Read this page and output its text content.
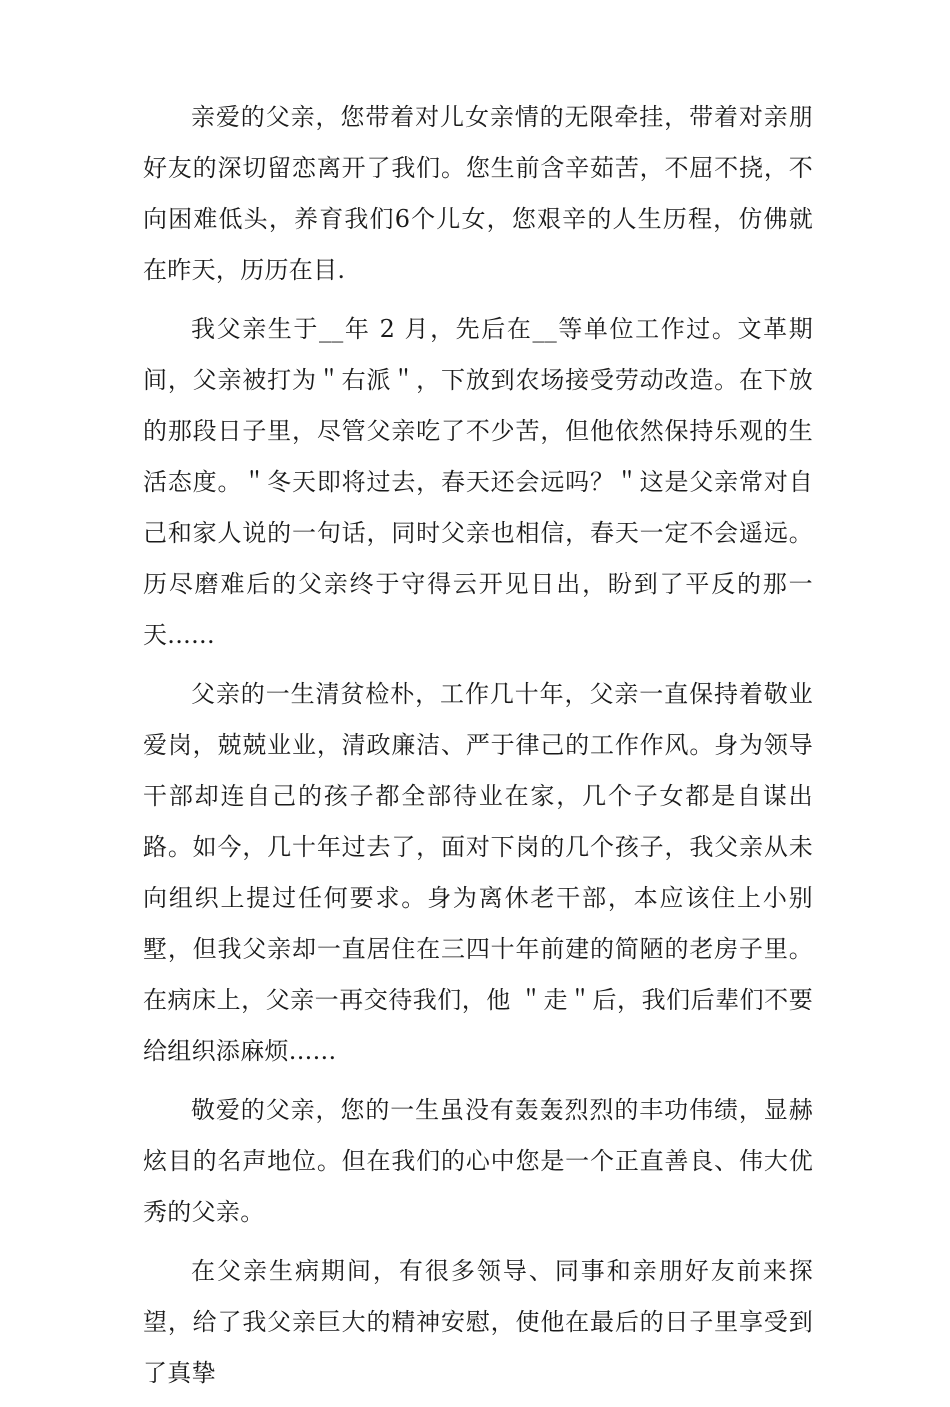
亲爱的父亲，您带着对儿女亲情的无限牵挂，带着对亲朋好友的深切留恋离开了我们。您生前含辛茹苦，不屈不挠，不向困难低头，养育我们6个儿女，您艰辛的人生历程，仿佛就在昨天，历历在目.

我父亲生于__年 2 月，先后在__等单位工作过。文革期间，父亲被打为＂右派＂，下放到农场接受劳动改造。在下放的那段日子里，尽管父亲吃了不少苦，但他依然保持乐观的生活态度。＂冬天即将过去，春天还会远吗？＂这是父亲常对自己和家人说的一句话，同时父亲也相信，春天一定不会遥远。历尽磨难后的父亲终于守得云开见日出，盼到了平反的那一天......

父亲的一生清贫检朴，工作几十年，父亲一直保持着敬业爱岗，兢兢业业，清政廉洁、严于律己的工作作风。身为领导干部却连自己的孩子都全部待业在家，几个子女都是自谋出路。如今，几十年过去了，面对下岗的几个孩子，我父亲从未向组织上提过任何要求。身为离休老干部，本应该住上小别墅，但我父亲却一直居住在三四十年前建的简陋的老房子里。在病床上，父亲一再交待我们，他 ＂走＂后，我们后辈们不要给组织添麻烦......

敬爱的父亲，您的一生虽没有轰轰烈烈的丰功伟绩，显赫炫目的名声地位。但在我们的心中您是一个正直善良、伟大优秀的父亲。

在父亲生病期间，有很多领导、同事和亲朋好友前来探望，给了我父亲巨大的精神安慰，使他在最后的日子里享受到了真挚
